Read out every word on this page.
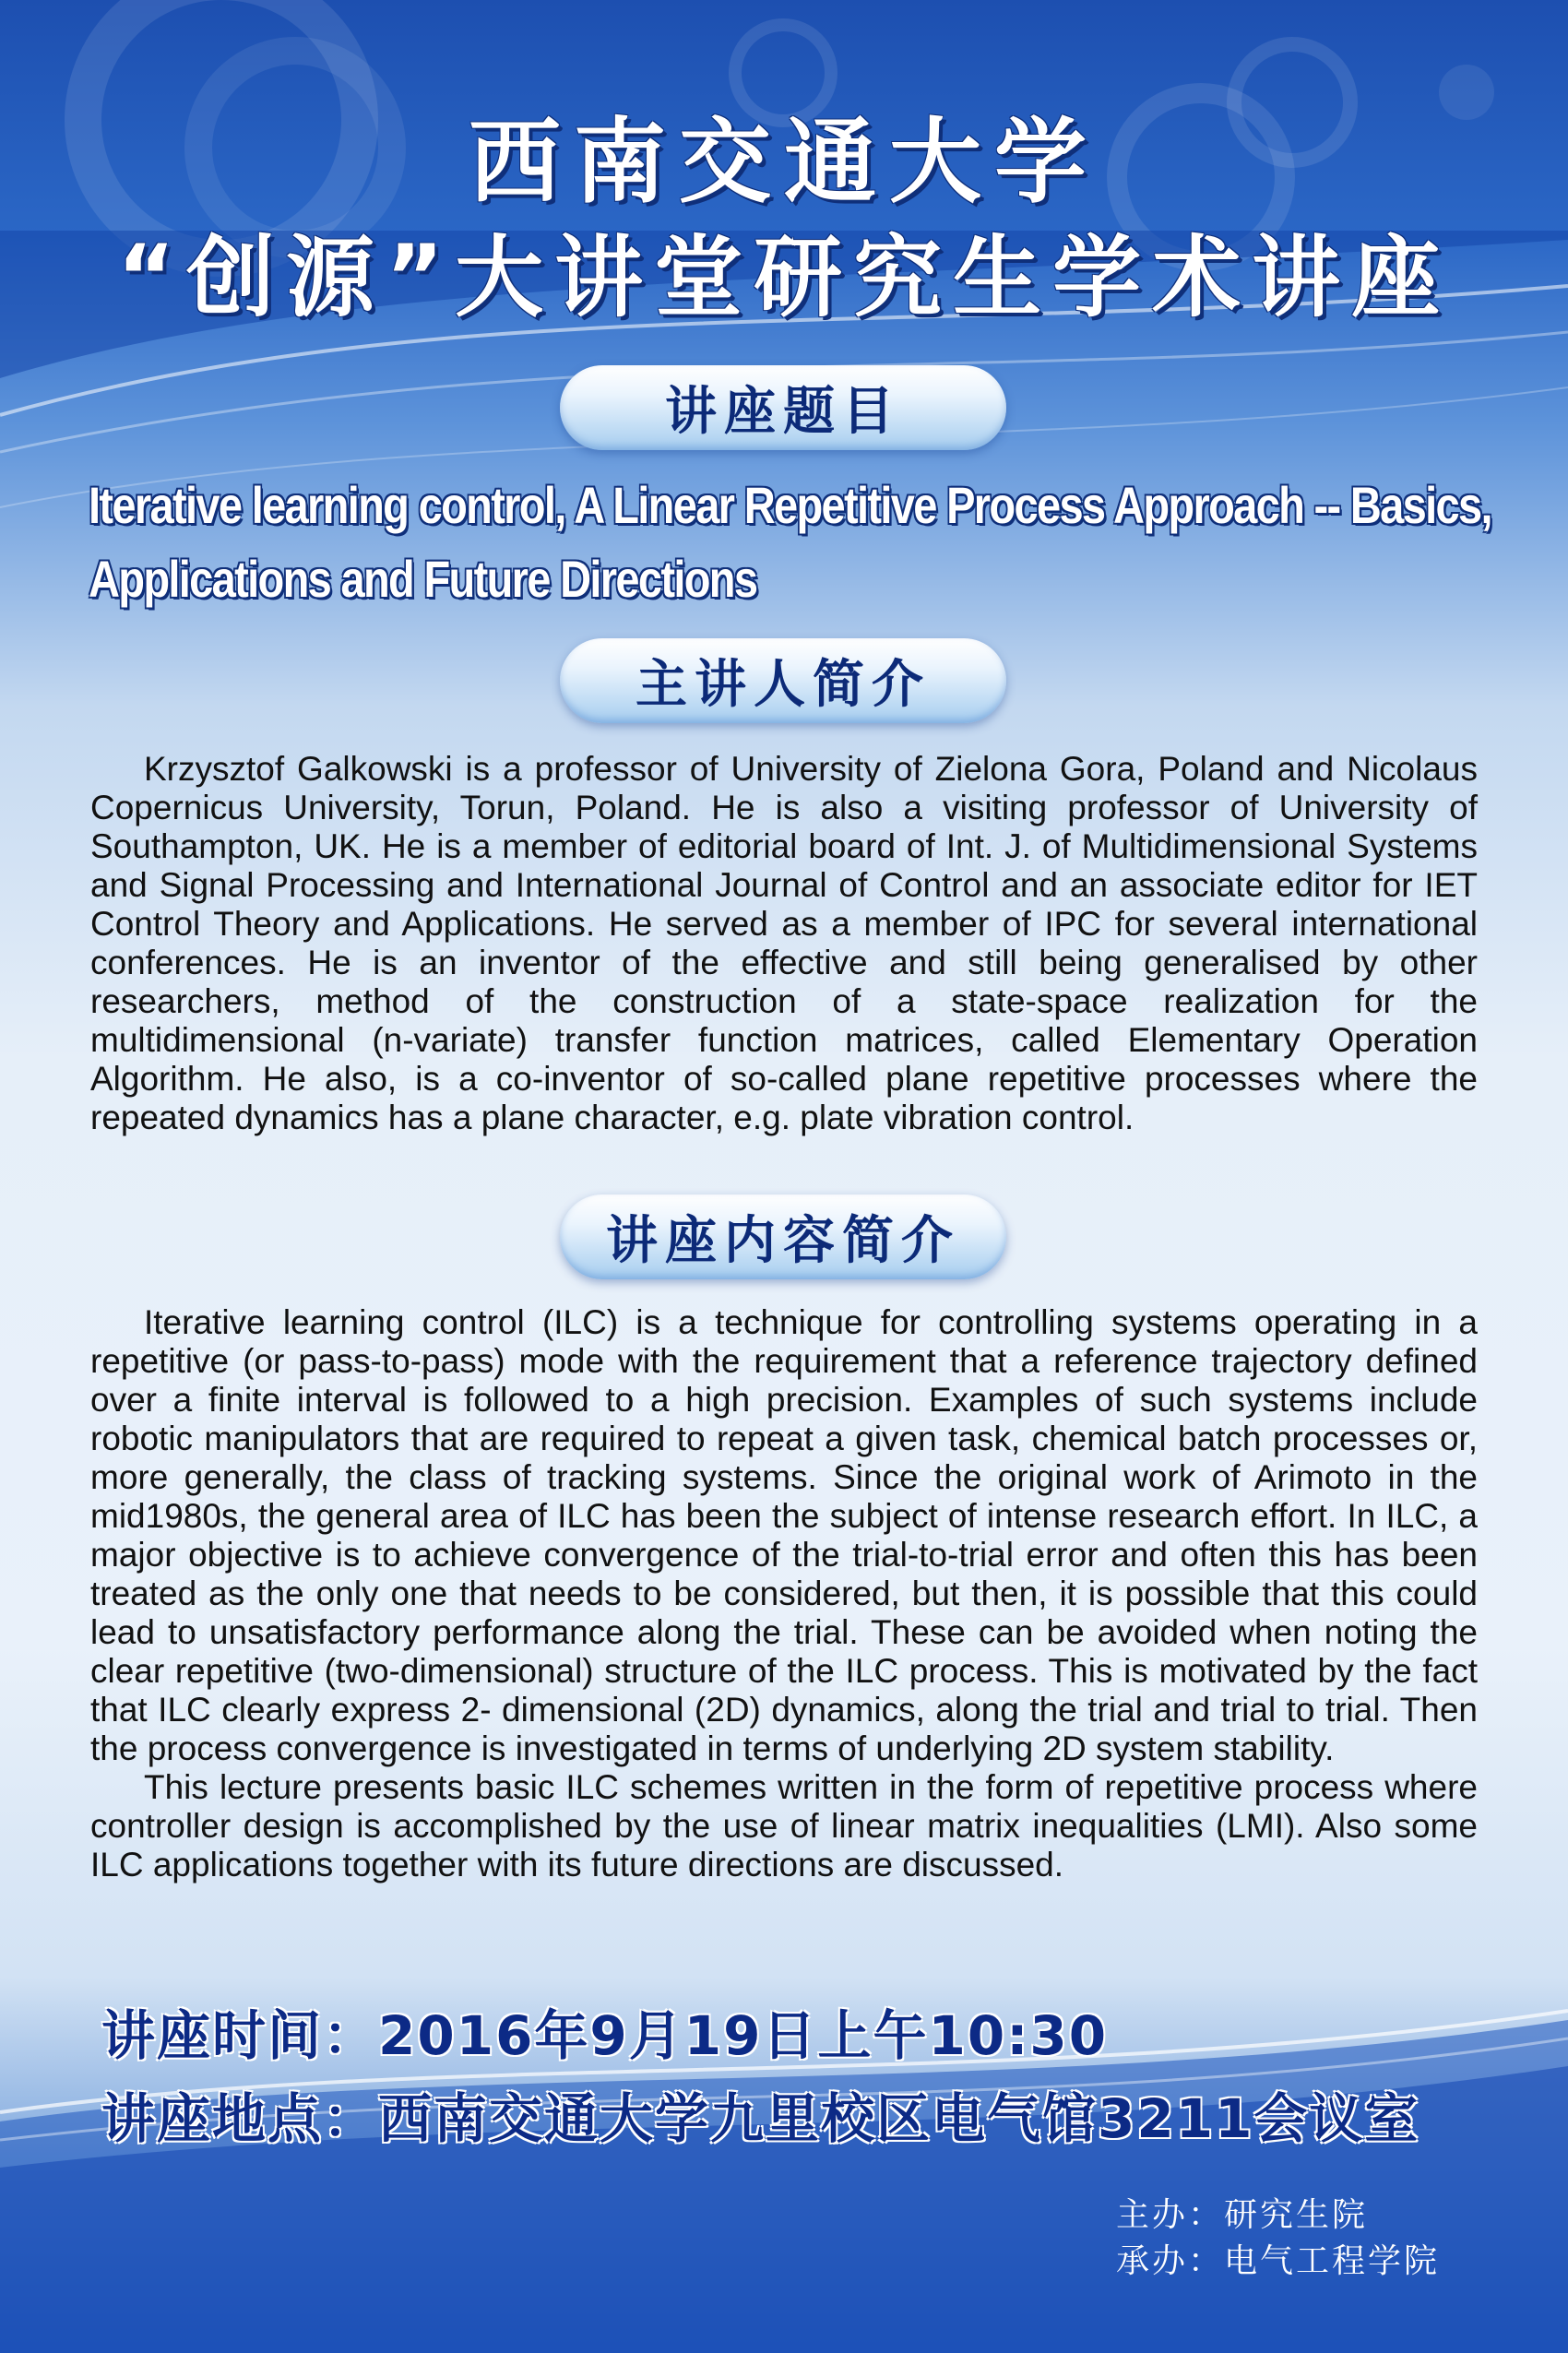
西南交通大学
“创源”大讲堂研究生学术讲座
讲座题目
Iterative learning control, A Linear Repetitive Process Approach -- Basics, Applications and Future Directions
主讲人简介

Krzysztof Galkowski is a professor of University of Zielona Gora, Poland and Nicolaus Copernicus University, Torun, Poland. He is also a visiting professor of University of Southampton, UK. He is a member of editorial board of Int. J. of Multidimensional Systems and Signal Processing and International Journal of Control and an associate editor for IET Control Theory and Applications. He served as a member of IPC for several international conferences. He is an inventor of the effective and still being generalised by other researchers, method of the construction of a state-space realization for the multidimensional (n-variate) transfer function matrices, called Elementary Operation Algorithm. He also, is a co-inventor of so-called plane repetitive processes where the repeated dynamics has a plane character, e.g. plate vibration control.

讲座内容简介

Iterative learning control (ILC) is a technique for controlling systems operating in a repetitive (or pass-to-pass) mode with the requirement that a reference trajectory defined over a finite interval is followed to a high precision. Examples of such systems include robotic manipulators that are required to repeat a given task, chemical batch processes or, more generally, the class of tracking systems. Since the original work of Arimoto in the mid1980s, the general area of ILC has been the subject of intense research effort. In ILC, a major objective is to achieve convergence of the trial-to-trial error and often this has been treated as the only one that needs to be considered, but then, it is possible that this could lead to unsatisfactory performance along the trial. These can be avoided when noting the clear repetitive (two-dimensional) structure of the ILC process. This is motivated by the fact that ILC clearly express 2- dimensional (2D) dynamics, along the trial and trial to trial. Then the process convergence is investigated in terms of underlying 2D system stability.

This lecture presents basic ILC schemes written in the form of repetitive process where controller design is accomplished by the use of linear matrix inequalities (LMI). Also some ILC applications together with its future directions are discussed.

讲座时间：2016年9月19日上午10:30
讲座地点：西南交通大学九里校区电气馆3211会议室
主办：研究生院
承办：电气工程学院
